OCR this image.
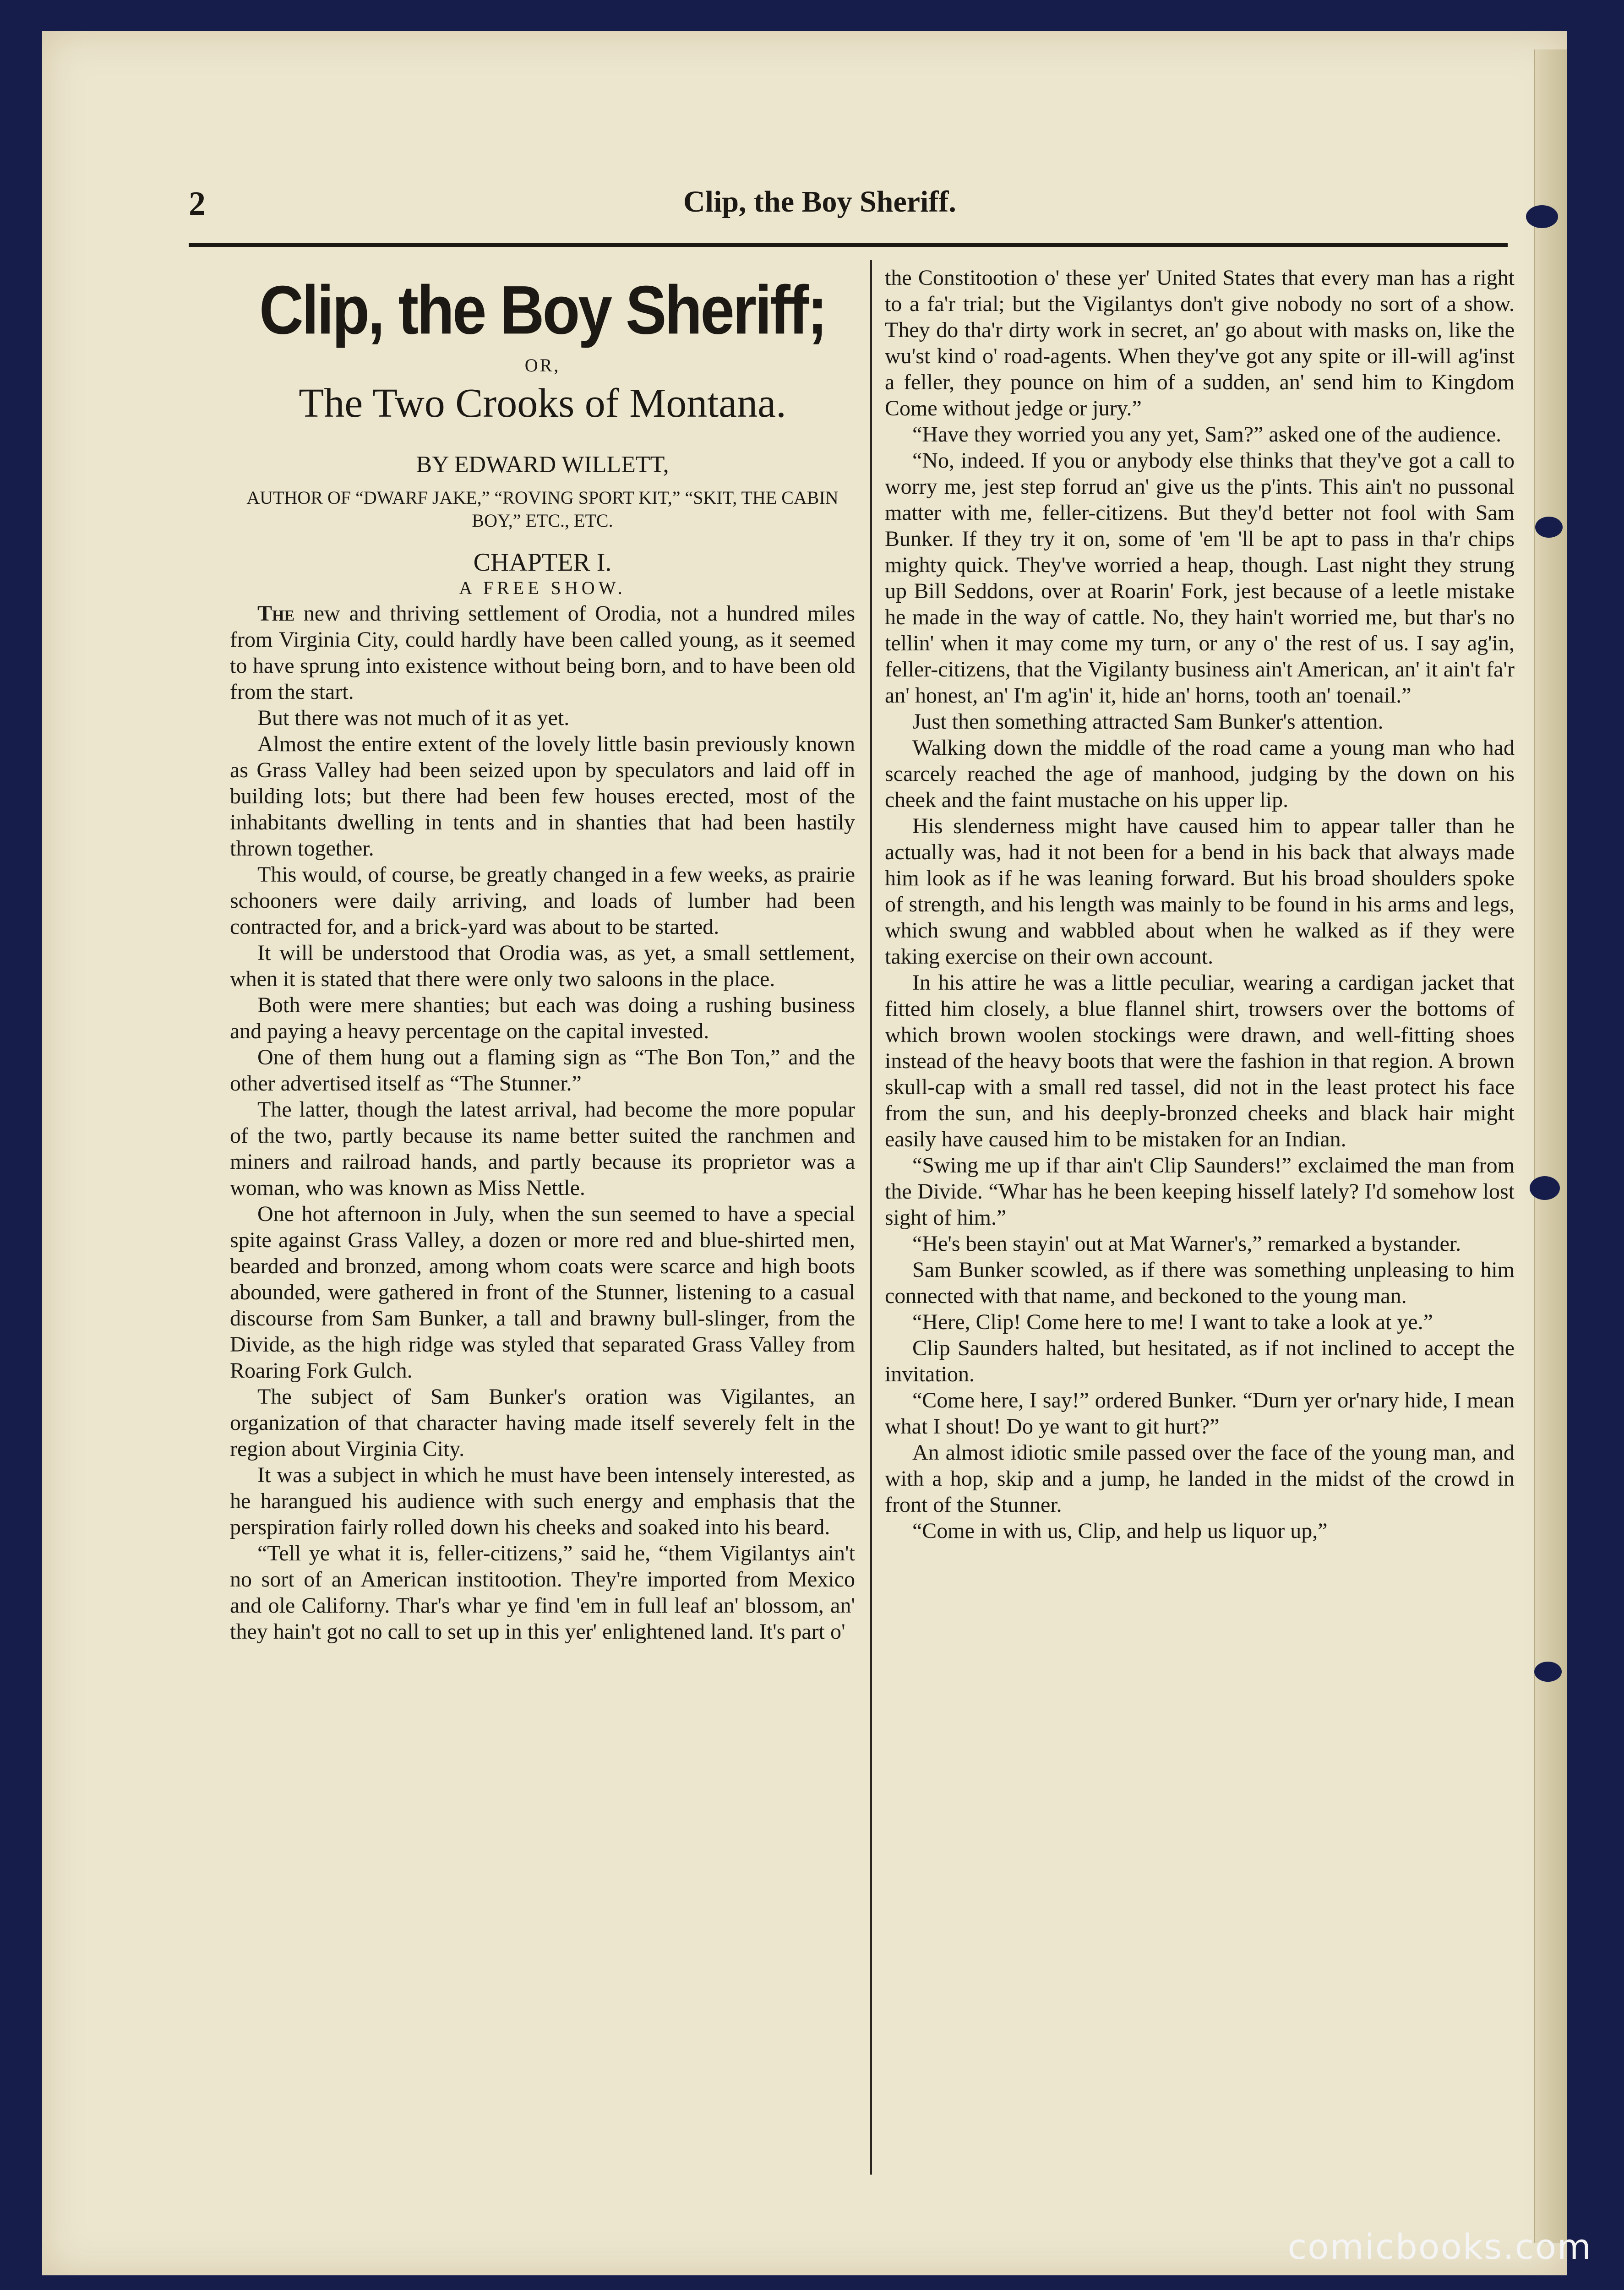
2	Clip, the Boy Sheriff.
Clip, the Boy Sheriff;
OR,
The Two Crooks of Montana.
BY EDWARD WILLETT,
AUTHOR OF “DWARF JAKE,” “ROVING SPORT KIT,” “SKIT, THE CABIN BOY,” ETC., ETC.
CHAPTER I.
A FREE SHOW.

The new and thriving settlement of Orodia, not a hundred miles from Virginia City, could hardly have been called young, as it seemed to have sprung into existence without being born, and to have been old from the start.

But there was not much of it as yet.

Almost the entire extent of the lovely little basin previously known as Grass Valley had been seized upon by speculators and laid off in building lots; but there had been few houses erected, most of the inhabitants dwelling in tents and in shanties that had been hastily thrown together.

This would, of course, be greatly changed in a few weeks, as prairie schooners were daily arriving, and loads of lumber had been contracted for, and a brick-yard was about to be started.

It will be understood that Orodia was, as yet, a small settlement, when it is stated that there were only two saloons in the place.

Both were mere shanties; but each was doing a rushing business and paying a heavy percentage on the capital invested.

One of them hung out a flaming sign as “The Bon Ton,” and the other advertised itself as “The Stunner.”

The latter, though the latest arrival, had become the more popular of the two, partly because its name better suited the ranchmen and miners and railroad hands, and partly because its proprietor was a woman, who was known as Miss Nettle.

One hot afternoon in July, when the sun seemed to have a special spite against Grass Valley, a dozen or more red and blue-shirted men, bearded and bronzed, among whom coats were scarce and high boots abounded, were gathered in front of the Stunner, listening to a casual discourse from Sam Bunker, a tall and brawny bull-slinger, from the Divide, as the high ridge was styled that separated Grass Valley from Roaring Fork Gulch.

The subject of Sam Bunker's oration was Vigilantes, an organization of that character having made itself severely felt in the region about Virginia City.

It was a subject in which he must have been intensely interested, as he harangued his audience with such energy and emphasis that the perspiration fairly rolled down his cheeks and soaked into his beard.

“Tell ye what it is, feller-citizens,” said he, “them Vigilantys ain't no sort of an American institootion. They're imported from Mexico and ole Californy. Thar's whar ye find 'em in full leaf an' blossom, an' they hain't got no call to set up in this yer' enlightened land. It's part o'

the Constitootion o' these yer' United States that every man has a right to a fa'r trial; but the Vigilantys don't give nobody no sort of a show. They do tha'r dirty work in secret, an' go about with masks on, like the wu'st kind o' road-agents. When they've got any spite or ill-will ag'inst a feller, they pounce on him of a sudden, an' send him to Kingdom Come without jedge or jury.”

“Have they worried you any yet, Sam?” asked one of the audience.

“No, indeed. If you or anybody else thinks that they've got a call to worry me, jest step forrud an' give us the p'ints. This ain't no pussonal matter with me, feller-citizens. But they'd better not fool with Sam Bunker. If they try it on, some of 'em 'll be apt to pass in tha'r chips mighty quick. They've worried a heap, though. Last night they strung up Bill Seddons, over at Roarin' Fork, jest because of a leetle mistake he made in the way of cattle. No, they hain't worried me, but thar's no tellin' when it may come my turn, or any o' the rest of us. I say ag'in, feller-citizens, that the Vigilanty business ain't American, an' it ain't fa'r an' honest, an' I'm ag'in' it, hide an' horns, tooth an' toenail.”

Just then something attracted Sam Bunker's attention.

Walking down the middle of the road came a young man who had scarcely reached the age of manhood, judging by the down on his cheek and the faint mustache on his upper lip.

His slenderness might have caused him to appear taller than he actually was, had it not been for a bend in his back that always made him look as if he was leaning forward. But his broad shoulders spoke of strength, and his length was mainly to be found in his arms and legs, which swung and wabbled about when he walked as if they were taking exercise on their own account.

In his attire he was a little peculiar, wearing a cardigan jacket that fitted him closely, a blue flannel shirt, trowsers over the bottoms of which brown woolen stockings were drawn, and well-fitting shoes instead of the heavy boots that were the fashion in that region. A brown skull-cap with a small red tassel, did not in the least protect his face from the sun, and his deeply-bronzed cheeks and black hair might easily have caused him to be mistaken for an Indian.

“Swing me up if thar ain't Clip Saunders!” exclaimed the man from the Divide. “Whar has he been keeping hisself lately? I'd somehow lost sight of him.”

“He's been stayin' out at Mat Warner's,” remarked a bystander.

Sam Bunker scowled, as if there was something unpleasing to him connected with that name, and beckoned to the young man.

“Here, Clip! Come here to me! I want to take a look at ye.”

Clip Saunders halted, but hesitated, as if not inclined to accept the invitation.

“Come here, I say!” ordered Bunker. “Durn yer or'nary hide, I mean what I shout! Do ye want to git hurt?”

An almost idiotic smile passed over the face of the young man, and with a hop, skip and a jump, he landed in the midst of the crowd in front of the Stunner.

“Come in with us, Clip, and help us liquor up,”

comicbooks.com
